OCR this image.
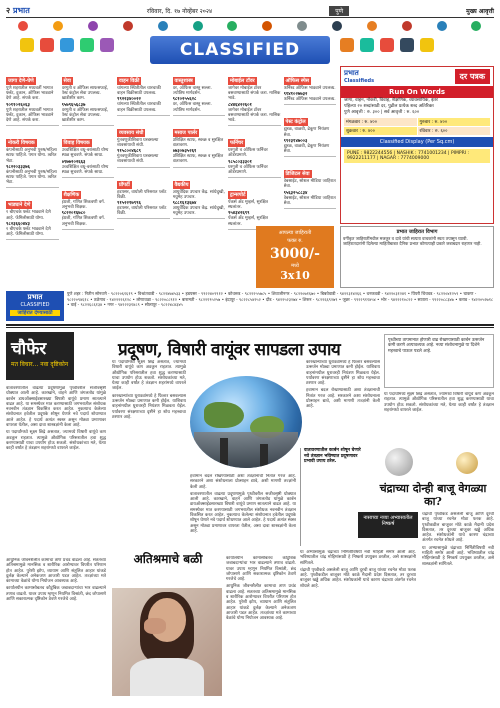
२ प्रभात	रविवार, दि. १७ नोव्हेंबर २०२४	पुणे	मुख्य आवृत्ती
CLASSIFIED
जागा देणे-घेणे
पुणे शहरातील मध्यवर्ती भागात फ्लॅट, दुकान, ऑफिस भाड्याने देणे आहे. संपर्क करा.
९०११०२६०६३
पुणे शहरातील मध्यवर्ती भागात फ्लॅट, दुकान, ऑफिस भाड्याने देणे आहे. संपर्क करा.
नोकरी विषयक
कंपनीसाठी अनुभवी पुरुष/महिला स्टाफ पाहिजे. पगार योग्य. त्वरित भेटा.
९८२२०३३३७६
कंपनीसाठी अनुभवी पुरुष/महिला स्टाफ पाहिजे. पगार योग्य. त्वरित भेटा.
भाड्याने देणे
१ बीएचके फ्लॅट भाड्याने देणे आहे. फॅमिलीसाठी योग्य.
९८२३६६०४४३
१ बीएचके फ्लॅट भाड्याने देणे आहे. फॅमिलीसाठी योग्य.
सेवा
घरगुती व ऑफिस साफसफाई, पेस्ट कंट्रोल सेवा उपलब्ध. खात्रीशीर काम.
९५७९६५६८३७
घरगुती व ऑफिस साफसफाई, पेस्ट कंट्रोल सेवा उपलब्ध. खात्रीशीर काम.
विवाह विषयक
उच्चशिक्षित वधू-वरांसाठी योग्य स्थळ सुचवणे. संपर्क साधा.
७९७७२०२६६३
उच्चशिक्षित वधू-वरांसाठी योग्य स्थळ सुचवणे. संपर्क साधा.
शैक्षणिक
इंग्रजी, गणित शिकवणी वर्ग. अनुभवी शिक्षक.
९८२२०१६७८०
इंग्रजी, गणित शिकवणी वर्ग. अनुभवी शिक्षक.
वाहन विक्री
चांगल्या स्थितीतील चारचाकी वाहन विक्रीसाठी उपलब्ध.
९९२२३४००२२
चांगल्या स्थितीतील चारचाकी वाहन विक्रीसाठी उपलब्ध.
व्यवसाय संधी
गुंतवणुकीशिवाय घरबसल्या व्यवसायाची संधी.
९१५८००४६८९
गुंतवणुकीशिवाय घरबसल्या व्यवसायाची संधी.
प्रॉपर्टी
हडपसर, वाघोली परिसरात प्लॉट विक्री.
९१५२२१७९९६
हडपसर, वाघोली परिसरात प्लॉट विक्री.
वास्तुशास्त्र
घर, ऑफिस वास्तु सल्ला. ज्योतिष मार्गदर्शन.
९८१०२५५६२८
घर, ऑफिस वास्तु सल्ला. ज्योतिष मार्गदर्शन.
मसाज पार्लर
प्रशिक्षित स्टाफ, स्वच्छ व सुरक्षित वातावरण.
७७३०७३५२६१
प्रशिक्षित स्टाफ, स्वच्छ व सुरक्षित वातावरण.
वैद्यकीय
आयुर्वेदिक उपचार केंद्र. सांधेदुखी, मधुमेह उपचार.
९८८१६१३६७४
आयुर्वेदिक उपचार केंद्र. सांधेदुखी, मधुमेह उपचार.
मोबाईल टॉवर
जागेवर मोबाईल टॉवर बसवण्यासाठी संपर्क करा. मासिक भाडे.
८४४६४२२६०१
जागेवर मोबाईल टॉवर बसवण्यासाठी संपर्क करा. मासिक भाडे.
फर्निचर
घरगुती व ऑफिस फर्निचर ऑर्डरप्रमाणे.
९८५८०३३३०१
घरगुती व ऑफिस फर्निचर ऑर्डरप्रमाणे.
ट्रान्सपोर्ट
पॅकर्स अँड मूव्हर्स, सुरक्षित स्थलांतर.
९५४३४२६९९
पॅकर्स अँड मूव्हर्स, सुरक्षित स्थलांतर.
ऑफिस स्पेस
फर्निश्ड ऑफिस भाड्याने उपलब्ध.
९१४१०२७७३२
फर्निश्ड ऑफिस भाड्याने उपलब्ध.
पेस्ट कंट्रोल
झुरळ, वाळवी, ढेकूण नियंत्रण सेवा.
९९२३१४७००३
झुरळ, वाळवी, ढेकूण नियंत्रण सेवा.
डिजिटल सेवा
वेबसाईट, सोशल मीडिया जाहिरात सेवा.
९५६३२५८८३४
वेबसाईट, सोशल मीडिया जाहिरात सेवा.
आपल्या जाहिराती
फक्त रु.
3000/-
मध्ये
3x10
प्रभात
Classifieds	दर पत्रक
Run On Words
जागा, वाहन, नोकरी, विवाह, शैक्षणिक, व्यावसायिक, इतर
पहिल्या २० शब्दांसाठी दर, पुढील प्रत्येक शब्द अतिरिक्त
पुणे आवृत्ती : रु. ३०० | सर्व आवृत्ती : रु. ६००
मंगळवार : रु. ४००	गुरुवार : रु. ४००
शुक्रवार : रु. ४००	रविवार : रु. ६००
Classified Display (Per Sq.cm)
PUNE : 9822244556 | NASHIK : 7741001234 | PIMPRI : 9922211177 | NAGAR : 7774009000
प्रभात जाहिरात विभाग
वर्गीकृत जाहिरातींमधील मजकूर व दावे यांची सत्यता वाचकांनी स्वतः तपासून घ्यावी. जाहिरातदारांनी दिलेल्या माहितीबाबत दैनिक प्रभात कोणत्याही प्रकारे जबाबदार राहणार नाही.
प्रभात
CLASSIFIED
जाहिरात देण्यासाठी
पुणे शहर : नितीन सोनवणे - ९८२२०६१६१९ • विश्रांतवाडी - ९८२२४७४५३३ • हडपसर - ९९२२४०९९१२ • कोथरूड - ९८२२२५५७८५ • शिवाजीनगर - ९८२२०७१६७० • बिबवेवाडी - ९४२२३१४२६६ • धनकवडी - ९४२२०३१२४१ • पिंपरी चिंचवड - ९८२२०४१२५९ • चाकण - ९८२२०९४६१८ • तळेगाव - ९४२२२२६१२८ • लोणावळा - ९८२२०८८९१२ • बारामती - ९८२२१९५२५७ • इंदापूर - ९८२२८५४२५२ • दौंड - ९४२२५२३२७४ • शिरूर - ९८२२६६९२७९ • जुन्नर - ९९२२९११४५४ • भोर - ९४२२२१०८२२ • सातारा - ९९२२०८८३४७ • कराड - ९४२२०५२७१८ • वाई - ९८२२६८६१३४ • नगर - ९४२२२३१४८९ • सोलापूर - ९८२२४८४३४५
चौफेर
मत विचार... नवा दृष्टिकोन
प्रदूषण, विषारी वायूंवर सापडला उपाय

वातावरणातील वाढत्या प्रदूषणामुळे पृथ्वीवरील सजीवसृष्टी धोक्यात आली आहे. कारखाने, वाहने आणि जंगलतोड यांमुळे कार्बन डायऑक्साईडसारख्या विषारी वायूंचे प्रमाण सातत्याने वाढत आहे. या समस्येवर मात करण्यासाठी जगभरातील संशोधक नवनवीन तंत्रज्ञान विकसित करत आहेत. नुकत्याच केलेल्या संशोधनात हवेतील प्रदूषके शोषून घेणारे नवे पदार्थ शोधण्यात आले आहेत. हे पदार्थ अत्यंत स्वस्त असून मोठ्या प्रमाणावर वापरता येतील, असा दावा शास्त्रज्ञांनी केला आहे.

या पदार्थांमध्ये सूक्ष्म छिद्रे असतात, ज्यामध्ये विषारी वायूंचे कण अडकून राहतात. त्यामुळे औद्योगिक परिसरातील हवा शुद्ध करण्यासाठी याचा उपयोग होऊ शकतो. संशोधकांच्या मते, येत्या काही वर्षांत हे तंत्रज्ञान शहरांमध्ये वापरले जाईल.

या पदार्थांमध्ये सूक्ष्म छिद्रे असतात, ज्यामध्ये विषारी वायूंचे कण अडकून राहतात. त्यामुळे औद्योगिक परिसरातील हवा शुद्ध करण्यासाठी याचा उपयोग होऊ शकतो. संशोधकांच्या मते, येत्या काही वर्षांत हे तंत्रज्ञान शहरांमध्ये वापरले जाईल.

कारखान्यांच्या धुराड्यांमध्ये हे फिल्टर बसवल्यास उत्सर्जन मोठ्या प्रमाणात कमी होईल. याशिवाय वाहनांमधील धुरावरही नियंत्रण मिळवता येईल. पर्यावरण संरक्षणाच्या दृष्टीने हा शोध महत्त्वाचा ठरणार आहे.

कारखान्यांच्या धुराड्यांमध्ये हे फिल्टर बसवल्यास उत्सर्जन मोठ्या प्रमाणात कमी होईल. याशिवाय वाहनांमधील धुरावरही नियंत्रण मिळवता येईल. पर्यावरण संरक्षणाच्या दृष्टीने हा शोध महत्त्वाचा ठरणार आहे.

हवामान बदल रोखण्यासाठी अशा तंत्रज्ञानाची नितांत गरज आहे. सरकारने अशा संशोधनाला प्रोत्साहन द्यावे, अशी मागणी तज्ज्ञांनी केली आहे.

हवामान बदल रोखण्यासाठी अशा तंत्रज्ञानाची नितांत गरज आहे. सरकारने अशा संशोधनाला प्रोत्साहन द्यावे, अशी मागणी तज्ज्ञांनी केली आहे.

वातावरणातील वाढत्या प्रदूषणामुळे पृथ्वीवरील सजीवसृष्टी धोक्यात आली आहे. कारखाने, वाहने आणि जंगलतोड यांमुळे कार्बन डायऑक्साईडसारख्या विषारी वायूंचे प्रमाण सातत्याने वाढत आहे. या समस्येवर मात करण्यासाठी जगभरातील संशोधक नवनवीन तंत्रज्ञान विकसित करत आहेत. नुकत्याच केलेल्या संशोधनात हवेतील प्रदूषके शोषून घेणारे नवे पदार्थ शोधण्यात आले आहेत. हे पदार्थ अत्यंत स्वस्त असून मोठ्या प्रमाणावर वापरता येतील, असा दावा शास्त्रज्ञांनी केला आहे.

पृथ्वीच्या तापमानात होणारी वाढ रोखण्यासाठी कार्बन उत्सर्जन कमी करणे अत्यावश्यक आहे. नव्या संशोधनामुळे या दिशेने महत्त्वाचे पाऊल पडले आहे.

या पदार्थांमध्ये सूक्ष्म छिद्रे असतात, ज्यामध्ये विषारी वायूंचे कण अडकून राहतात. त्यामुळे औद्योगिक परिसरातील हवा शुद्ध करण्यासाठी याचा उपयोग होऊ शकतो. संशोधकांच्या मते, येत्या काही वर्षांत हे तंत्रज्ञान शहरांमध्ये वापरले जाईल.

वातावरणातील कार्बन शोषून घेणारे नवे तंत्रज्ञान भविष्यात प्रदूषणावर प्रभावी उपाय ठरेल.
चंद्राच्या दोन्ही बाजू वेगळ्या का?
नासाच्या नव्या अभ्यासातील निष्कर्ष

चंद्राची पृथ्वीकडे असलेली बाजू आणि दूरची बाजू यांच्या रचनेत मोठा फरक आहे. पृथ्वीकडील बाजूवर मोठे काळे मैदानी प्रदेश दिसतात, तर दूरच्या बाजूवर खड्डे अधिक आहेत. संशोधकांनी याचे कारण चंद्राच्या अंतर्गत रचनेत शोधले आहे.

या अभ्यासामुळे चंद्राच्या निर्मितीविषयी नवी माहिती समोर आली आहे. भविष्यातील चांद्र मोहिमांसाठी हे निष्कर्ष उपयुक्त ठरतील, असे शास्त्रज्ञांनी सांगितले.

या अभ्यासामुळे चंद्राच्या निर्मितीविषयी नवी माहिती समोर आली आहे. भविष्यातील चांद्र मोहिमांसाठी हे निष्कर्ष उपयुक्त ठरतील, असे शास्त्रज्ञांनी सांगितले.

चंद्राची पृथ्वीकडे असलेली बाजू आणि दूरची बाजू यांच्या रचनेत मोठा फरक आहे. पृथ्वीकडील बाजूवर मोठे काळे मैदानी प्रदेश दिसतात, तर दूरच्या बाजूवर खड्डे अधिक आहेत. संशोधकांनी याचे कारण चंद्राच्या अंतर्गत रचनेत शोधले आहे.

अतिश्रमाचे बळी

आधुनिक जीवनशैलीत कामाचा ताण प्रचंड वाढला आहे. सततच्या अतिश्रमामुळे मानसिक व शारीरिक आरोग्यावर विपरीत परिणाम होत आहेत. पुरेशी झोप, व्यायाम आणि संतुलित आहार यांकडे दुर्लक्ष केल्याने अनेकजण आजारी पडत आहेत. तज्ज्ञांच्या मते कामाच्या वेळांचे योग्य नियोजन आवश्यक आहे.

कार्यालयीन कामासोबतच कौटुंबिक जबाबदाऱ्यांचा भार वाढल्याने तणाव वाढतो. यावर उपाय म्हणून नियमित विश्रांती, छंद जोपासणे आणि सकारात्मक दृष्टिकोन ठेवणे गरजेचे आहे.

कार्यालयीन कामासोबतच कौटुंबिक जबाबदाऱ्यांचा भार वाढल्याने तणाव वाढतो. यावर उपाय म्हणून नियमित विश्रांती, छंद जोपासणे आणि सकारात्मक दृष्टिकोन ठेवणे गरजेचे आहे.

आधुनिक जीवनशैलीत कामाचा ताण प्रचंड वाढला आहे. सततच्या अतिश्रमामुळे मानसिक व शारीरिक आरोग्यावर विपरीत परिणाम होत आहेत. पुरेशी झोप, व्यायाम आणि संतुलित आहार यांकडे दुर्लक्ष केल्याने अनेकजण आजारी पडत आहेत. तज्ज्ञांच्या मते कामाच्या वेळांचे योग्य नियोजन आवश्यक आहे.
